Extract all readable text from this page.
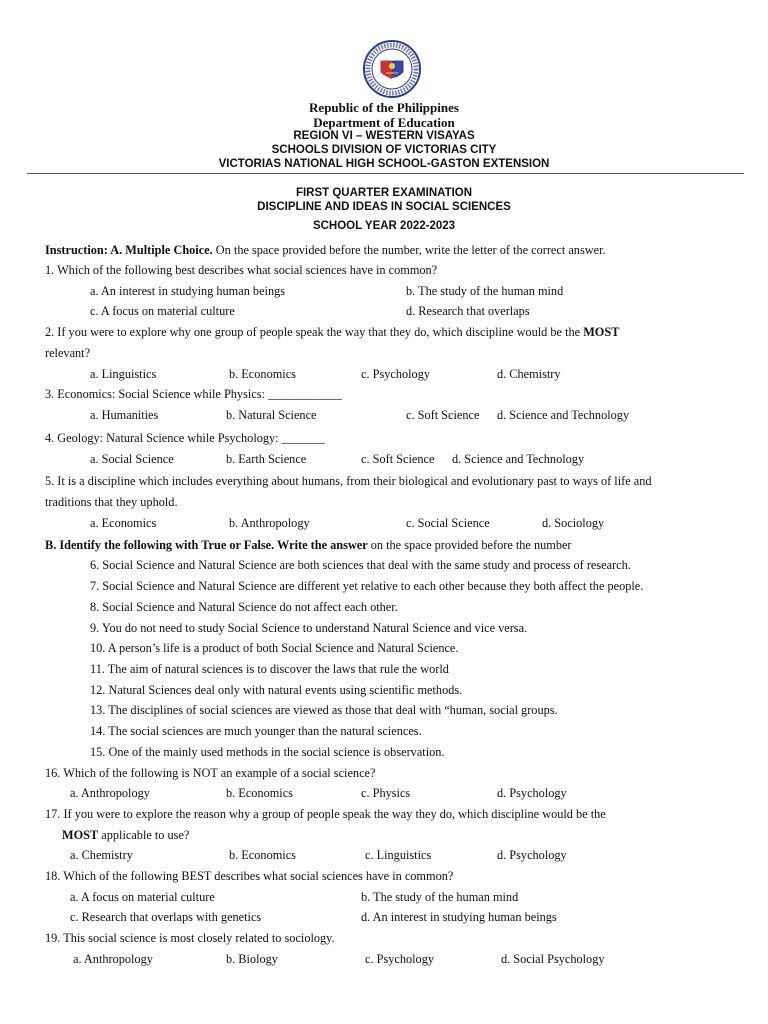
Republic of the Philippines
Department of Education
REGION VI – WESTERN VISAYAS
SCHOOLS DIVISION OF VICTORIAS CITY
VICTORIAS NATIONAL HIGH SCHOOL-GASTON EXTENSION
FIRST QUARTER EXAMINATION
DISCIPLINE AND IDEAS IN SOCIAL SCIENCES
SCHOOL YEAR 2022-2023
Instruction: A. Multiple Choice. On the space provided before the number, write the letter of the correct answer.
1. Which of the following best describes what social sciences have in common?
a. An interest in studying human beings	b. The study of the human mind
c. A focus on material culture	d. Research that overlaps
2. If you were to explore why one group of people speak the way that they do, which discipline would be the MOST
relevant?
a. Linguistics	b. Economics	c. Psychology	d. Chemistry
3. Economics: Social Science while Physics: ____________
a. Humanities	b. Natural Science	c. Soft Science d. Science and Technology
4. Geology: Natural Science while Psychology: _______
a. Social Science	b. Earth Science	c. Soft Science d. Science and Technology
5. It is a discipline which includes everything about humans, from their biological and evolutionary past to ways of life and
traditions that they uphold.
a. Economics	b. Anthropology	c. Social Science	d. Sociology
B. Identify the following with True or False. Write the answer on the space provided before the number
6. Social Science and Natural Science are both sciences that deal with the same study and process of research.
7. Social Science and Natural Science are different yet relative to each other because they both affect the people.
8. Social Science and Natural Science do not affect each other.
9. You do not need to study Social Science to understand Natural Science and vice versa.
10. A person’s life is a product of both Social Science and Natural Science.
11. The aim of natural sciences is to discover the laws that rule the world
12. Natural Sciences deal only with natural events using scientific methods.
13. The disciplines of social sciences are viewed as those that deal with “human, social groups.
14. The social sciences are much younger than the natural sciences.
15. One of the mainly used methods in the social science is observation.
16. Which of the following is NOT an example of a social science?
a. Anthropology	b. Economics	c. Physics	d. Psychology
17. If you were to explore the reason why a group of people speak the way they do, which discipline would be the
MOST applicable to use?
a. Chemistry	b. Economics	c. Linguistics	d. Psychology
18. Which of the following BEST describes what social sciences have in common?
a. A focus on material culture	b. The study of the human mind
c. Research that overlaps with genetics	d. An interest in studying human beings
19. This social science is most closely related to sociology.
a. Anthropology	b. Biology	c. Psychology	d. Social Psychology
